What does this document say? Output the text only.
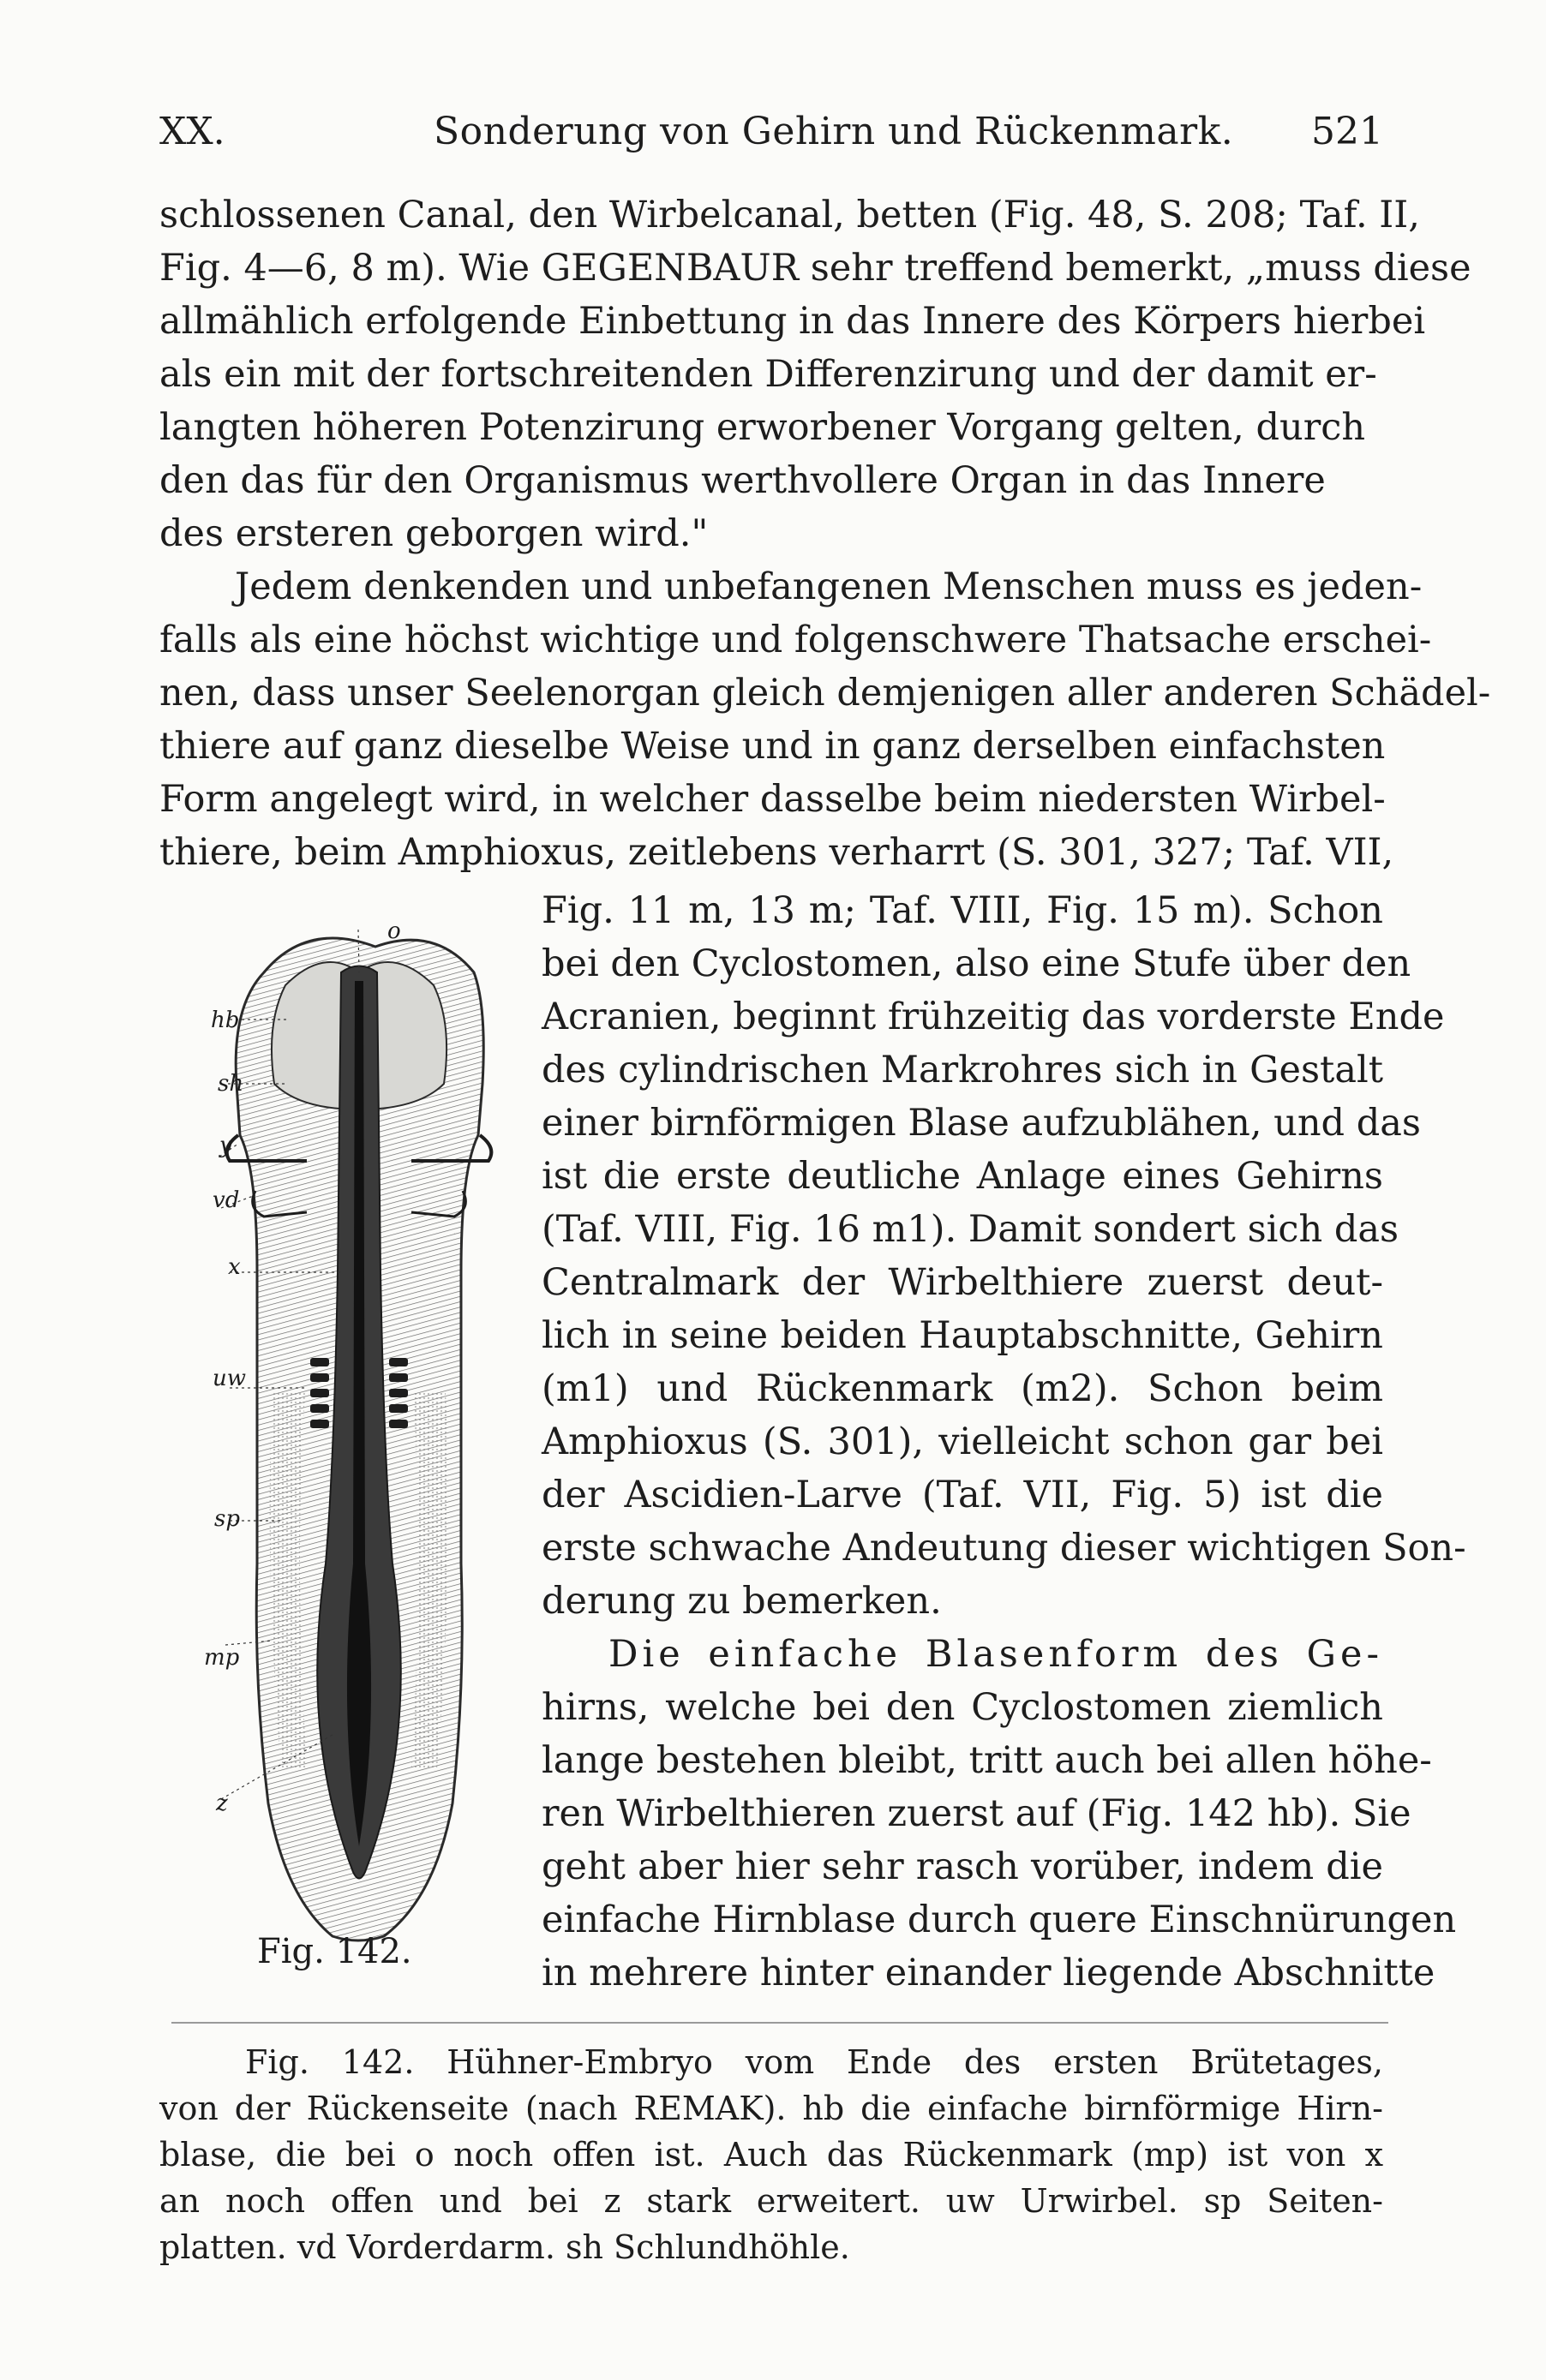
XX.	Sonderung von Gehirn und Rückenmark. 521
schlossenen Canal, den Wirbelcanal, betten (Fig. 48, S. 208; Taf. II,
Fig. 4—6, 8 m). Wie GEGENBAUR sehr treffend bemerkt, „muss diese
allmählich erfolgende Einbettung in das Innere des Körpers hierbei
als ein mit der fortschreitenden Differenzirung und der damit er-
langten höheren Potenzirung erworbener Vorgang gelten, durch
den das für den Organismus werthvollere Organ in das Innere
des ersteren geborgen wird."
Jedem denkenden und unbefangenen Menschen muss es jeden-
falls als eine höchst wichtige und folgenschwere Thatsache erschei-
nen, dass unser Seelenorgan gleich demjenigen aller anderen Schädel-
thiere auf ganz dieselbe Weise und in ganz derselben einfachsten
Form angelegt wird, in welcher dasselbe beim niedersten Wirbel-
thiere, beim Amphioxus, zeitlebens verharrt (S. 301, 327; Taf. VII,
Fig. 11 m, 13 m; Taf. VIII, Fig. 15 m). Schon
bei den Cyclostomen, also eine Stufe über den
Acranien, beginnt frühzeitig das vorderste Ende
des cylindrischen Markrohres sich in Gestalt
einer birnförmigen Blase aufzublähen, und das
ist die erste deutliche Anlage eines Gehirns
(Taf. VIII, Fig. 16 m1). Damit sondert sich das
Centralmark der Wirbelthiere zuerst deut-
lich in seine beiden Hauptabschnitte, Gehirn
(m1) und Rückenmark (m2). Schon beim
Amphioxus (S. 301), vielleicht schon gar bei
der Ascidien-Larve (Taf. VII, Fig. 5) ist die
erste schwache Andeutung dieser wichtigen Son-
derung zu bemerken.
Die einfache Blasenform des Ge-
hirns, welche bei den Cyclostomen ziemlich
lange bestehen bleibt, tritt auch bei allen höhe-
ren Wirbelthieren zuerst auf (Fig. 142 hb). Sie
geht aber hier sehr rasch vorüber, indem die
einfache Hirnblase durch quere Einschnürungen
in mehrere hinter einander liegende Abschnitte
o
hb
sh
y
vd
x
uw
sp
mp
z
Fig. 142.
Fig. 142. Hühner-Embryo vom Ende des ersten Brütetages,
von der Rückenseite (nach REMAK). hb die einfache birnförmige Hirn-
blase, die bei o noch offen ist. Auch das Rückenmark (mp) ist von x
an noch offen und bei z stark erweitert. uw Urwirbel. sp Seiten-
platten. vd Vorderdarm. sh Schlundhöhle.
